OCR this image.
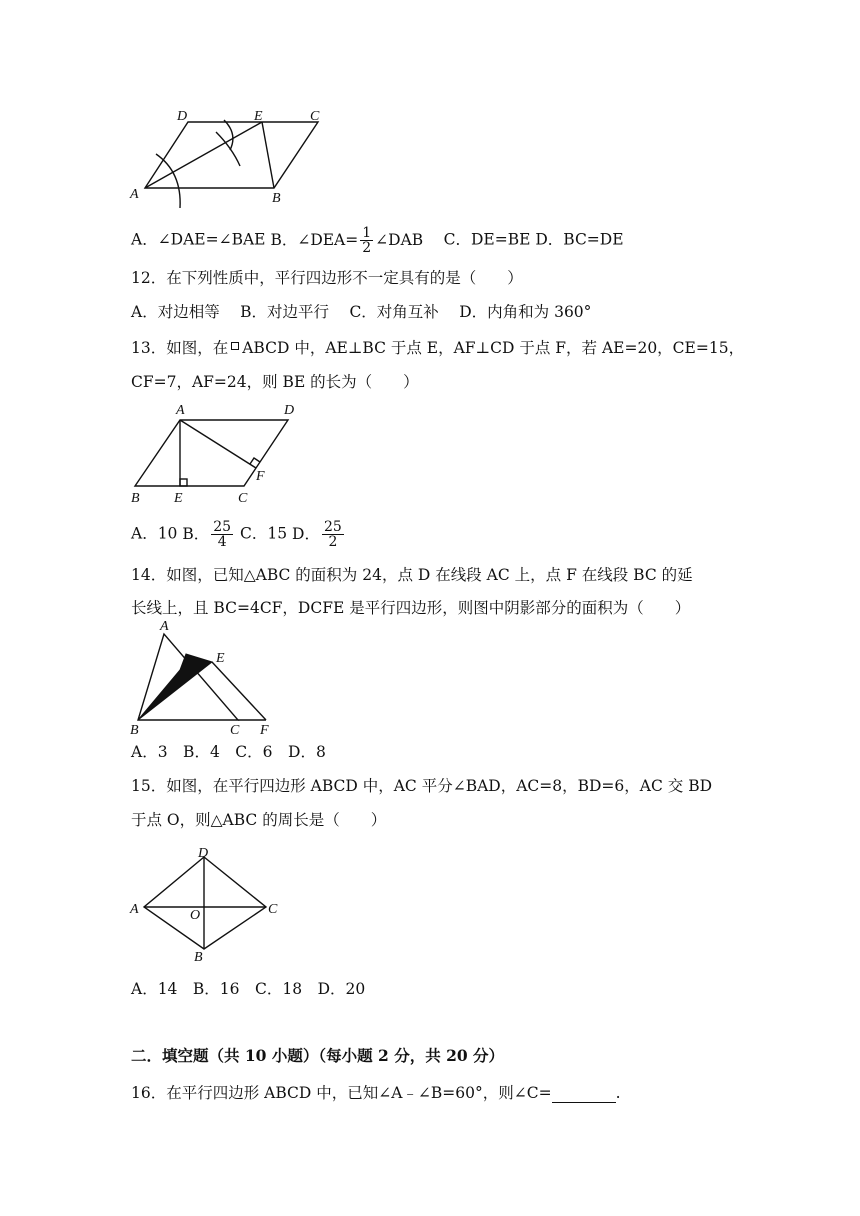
D	E	C
A	B
A．∠DAE=∠BAE B．∠DEA= $\frac{1}{2}$ ∠DAB　 C．DE=BE D．BC=DE
12．在下列性质中，平行四边形不一定具有的是（　　）
A．对边相等　 B．对边平行　 C．对角互补　 D．内角和为 360°
13．如图，在 ABCD 中，AE⊥BC 于点 E，AF⊥CD 于点 F，若 AE=20，CE=15，
CF=7，AF=24，则 BE 的长为（　　）
A	D
F
B E	C
A．10 B． $\frac{25}{4}$ C．15 D． $\frac{25}{2}$
14．如图，已知△ABC 的面积为 24，点 D 在线段 AC 上，点 F 在线段 BC 的延
长线上，且 BC=4CF，DCFE 是平行四边形，则图中阴影部分的面积为（　　）
A
D
E
B	C F
A．3　B．4　C．6　D．8
15．如图，在平行四边形 ABCD 中，AC 平分∠BAD，AC=8，BD=6，AC 交 BD
于点 O，则△ABC 的周长是（　　）
D
A	O	C
B
A．14　B．16　C．18　D．20
二．填空题（共 10 小题）（每小题 2 分，共 20 分）
16．在平行四边形 ABCD 中，已知∠A﹣∠B=60°，则∠C=	.
